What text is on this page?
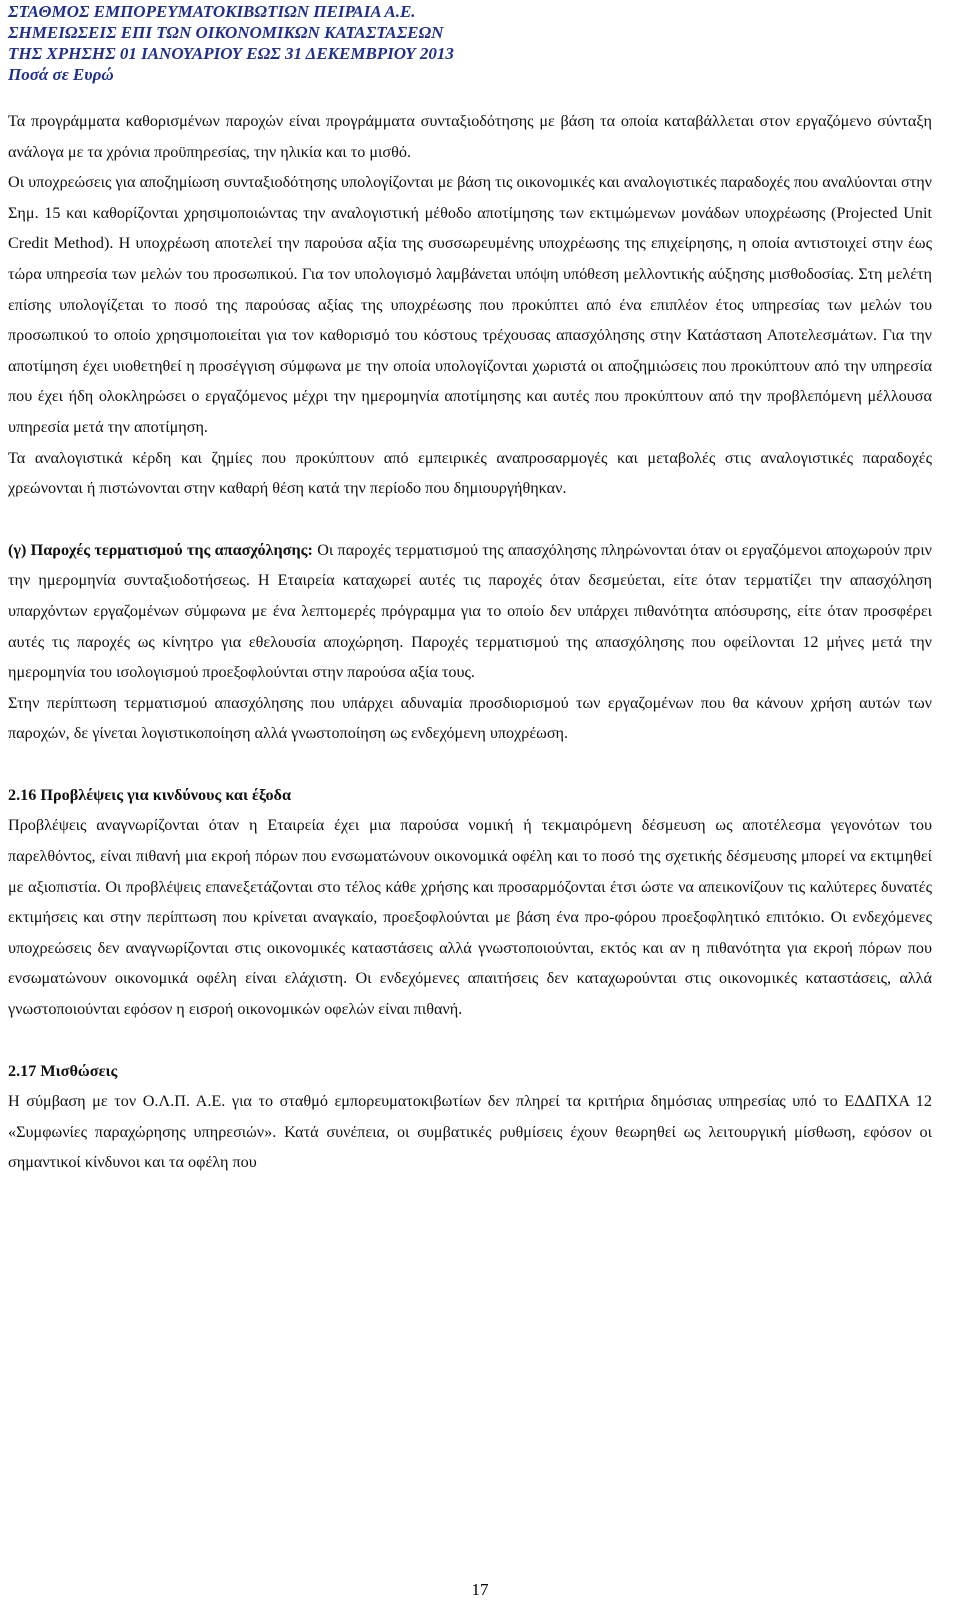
ΣΤΑΘΜΟΣ ΕΜΠΟΡΕΥΜΑΤΟΚΙΒΩΤΙΩΝ ΠΕΙΡΑΙΑ Α.Ε.
ΣΗΜΕΙΩΣΕΙΣ ΕΠΙ ΤΩΝ ΟΙΚΟΝΟΜΙΚΩΝ ΚΑΤΑΣΤΑΣΕΩΝ
ΤΗΣ ΧΡΗΣΗΣ 01 ΙΑΝΟΥΑΡΙΟΥ ΕΩΣ 31 ΔΕΚΕΜΒΡΙΟΥ 2013
Ποσά σε Ευρώ

Τα προγράμματα καθορισμένων παροχών είναι προγράμματα συνταξιοδότησης με βάση τα οποία καταβάλλεται στον εργαζόμενο σύνταξη ανάλογα με τα χρόνια προϋπηρεσίας, την ηλικία και το μισθό.

Οι υποχρεώσεις για αποζημίωση συνταξιοδότησης υπολογίζονται με βάση τις οικονομικές και αναλογιστικές παραδοχές που αναλύονται στην Σημ. 15 και καθορίζονται χρησιμοποιώντας την αναλογιστική μέθοδο αποτίμησης των εκτιμώμενων μονάδων υποχρέωσης (Projected Unit Credit Method). Η υποχρέωση αποτελεί την παρούσα αξία της συσσωρευμένης υποχρέωσης της επιχείρησης, η οποία αντιστοιχεί στην έως τώρα υπηρεσία των μελών του προσωπικού. Για τον υπολογισμό λαμβάνεται υπόψη υπόθεση μελλοντικής αύξησης μισθοδοσίας. Στη μελέτη επίσης υπολογίζεται το ποσό της παρούσας αξίας της υποχρέωσης που προκύπτει από ένα επιπλέον έτος υπηρεσίας των μελών του προσωπικού το οποίο χρησιμοποιείται για τον καθορισμό του κόστους τρέχουσας απασχόλησης στην Κατάσταση Αποτελεσμάτων. Για την αποτίμηση έχει υιοθετηθεί η προσέγγιση σύμφωνα με την οποία υπολογίζονται χωριστά οι αποζημιώσεις που προκύπτουν από την υπηρεσία που έχει ήδη ολοκληρώσει ο εργαζόμενος μέχρι την ημερομηνία αποτίμησης και αυτές που προκύπτουν από την προβλεπόμενη μέλλουσα υπηρεσία μετά την αποτίμηση.

Τα αναλογιστικά κέρδη και ζημίες που προκύπτουν από εμπειρικές αναπροσαρμογές και μεταβολές στις αναλογιστικές παραδοχές χρεώνονται ή πιστώνονται στην καθαρή θέση κατά την περίοδο που δημιουργήθηκαν.

(γ) Παροχές τερματισμού της απασχόλησης: Οι παροχές τερματισμού της απασχόλησης πληρώνονται όταν οι εργαζόμενοι αποχωρούν πριν την ημερομηνία συνταξιοδοτήσεως. Η Εταιρεία καταχωρεί αυτές τις παροχές όταν δεσμεύεται, είτε όταν τερματίζει την απασχόληση υπαρχόντων εργαζομένων σύμφωνα με ένα λεπτομερές πρόγραμμα για το οποίο δεν υπάρχει πιθανότητα απόσυρσης, είτε όταν προσφέρει αυτές τις παροχές ως κίνητρο για εθελουσία αποχώρηση. Παροχές τερματισμού της απασχόλησης που οφείλονται 12 μήνες μετά την ημερομηνία του ισολογισμού προεξοφλούνται στην παρούσα αξία τους.

Στην περίπτωση τερματισμού απασχόλησης που υπάρχει αδυναμία προσδιορισμού των εργαζομένων που θα κάνουν χρήση αυτών των παροχών, δε γίνεται λογιστικοποίηση αλλά γνωστοποίηση ως ενδεχόμενη υποχρέωση.

2.16 Προβλέψεις για κινδύνους και έξοδα

Προβλέψεις αναγνωρίζονται όταν η Εταιρεία έχει μια παρούσα νομική ή τεκμαιρόμενη δέσμευση ως αποτέλεσμα γεγονότων του παρελθόντος, είναι πιθανή μια εκροή πόρων που ενσωματώνουν οικονομικά οφέλη και το ποσό της σχετικής δέσμευσης μπορεί να εκτιμηθεί με αξιοπιστία. Οι προβλέψεις επανεξετάζονται στο τέλος κάθε χρήσης και προσαρμόζονται έτσι ώστε να απεικονίζουν τις καλύτερες δυνατές εκτιμήσεις και στην περίπτωση που κρίνεται αναγκαίο, προεξοφλούνται με βάση ένα προ-φόρου προεξοφλητικό επιτόκιο. Οι ενδεχόμενες υποχρεώσεις δεν αναγνωρίζονται στις οικονομικές καταστάσεις αλλά γνωστοποιούνται, εκτός και αν η πιθανότητα για εκροή πόρων που ενσωματώνουν οικονομικά οφέλη είναι ελάχιστη. Οι ενδεχόμενες απαιτήσεις δεν καταχωρούνται στις οικονομικές καταστάσεις, αλλά γνωστοποιούνται εφόσον η εισροή οικονομικών οφελών είναι πιθανή.

2.17 Μισθώσεις

Η σύμβαση με τον Ο.Λ.Π. Α.Ε. για το σταθμό εμπορευματοκιβωτίων δεν πληρεί τα κριτήρια δημόσιας υπηρεσίας υπό το ΕΔΔΠΧΑ 12 «Συμφωνίες παραχώρησης υπηρεσιών». Κατά συνέπεια, οι συμβατικές ρυθμίσεις έχουν θεωρηθεί ως λειτουργική μίσθωση, εφόσον οι σημαντικοί κίνδυνοι και τα οφέλη που

17
